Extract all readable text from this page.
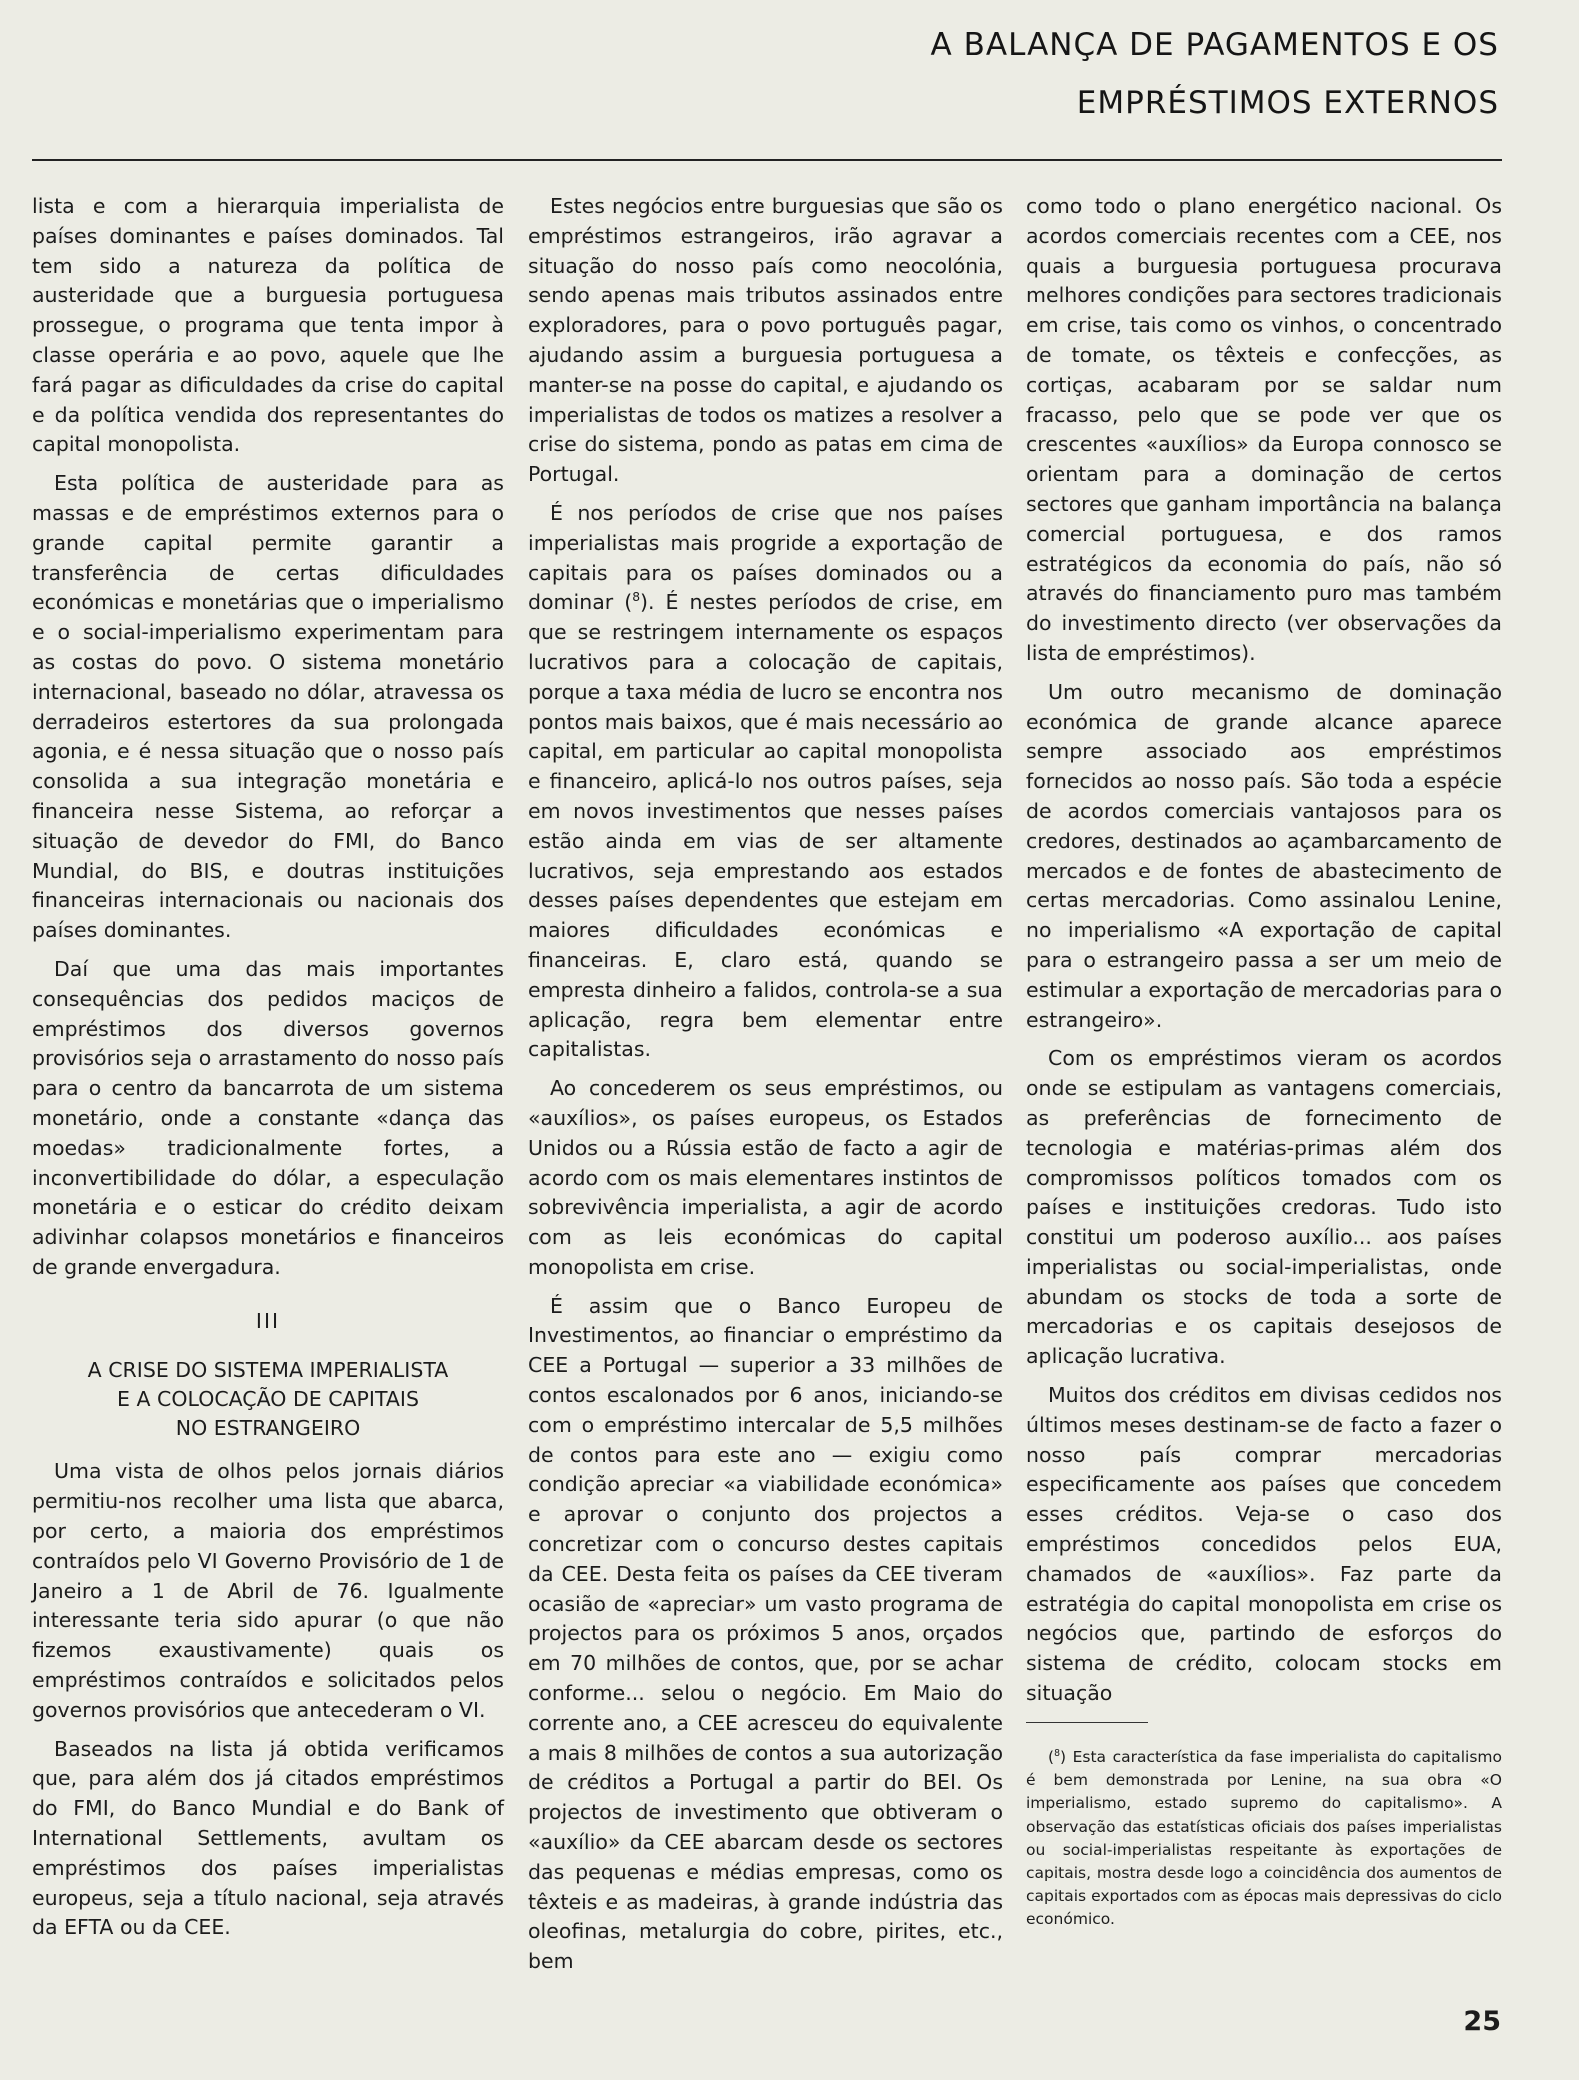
A BALANÇA DE PAGAMENTOS E OS
EMPRÉSTIMOS EXTERNOS

lista e com a hierarquia imperialista de países dominantes e países dominados. Tal tem sido a natureza da política de austeridade que a burguesia portuguesa prossegue, o programa que tenta impor à classe operária e ao povo, aquele que lhe fará pagar as dificuldades da crise do capital e da política vendida dos representantes do capital monopolista.

Esta política de austeridade para as massas e de empréstimos externos para o grande capital permite garantir a transferência de certas dificuldades económicas e monetárias que o imperialismo e o social-imperialismo experimentam para as costas do povo. O sistema monetário internacional, baseado no dólar, atravessa os derradeiros estertores da sua prolongada agonia, e é nessa situação que o nosso país consolida a sua integração monetária e financeira nesse Sistema, ao reforçar a situação de devedor do FMI, do Banco Mundial, do BIS, e doutras instituições financeiras internacionais ou nacionais dos países dominantes.

Daí que uma das mais importantes consequências dos pedidos maciços de empréstimos dos diversos governos provisórios seja o arrastamento do nosso país para o centro da bancarrota de um sistema monetário, onde a constante «dança das moedas» tradicionalmente fortes, a inconvertibilidade do dólar, a especulação monetária e o esticar do crédito deixam adivinhar colapsos monetários e financeiros de grande envergadura.

III
A CRISE DO SISTEMA IMPERIALISTA
E A COLOCAÇÃO DE CAPITAIS
NO ESTRANGEIRO

Uma vista de olhos pelos jornais diários permitiu-nos recolher uma lista que abarca, por certo, a maioria dos empréstimos contraídos pelo VI Governo Provisório de 1 de Janeiro a 1 de Abril de 76. Igualmente interessante teria sido apurar (o que não fizemos exaustivamente) quais os empréstimos contraídos e solicitados pelos governos provisórios que antecederam o VI.

Baseados na lista já obtida verificamos que, para além dos já citados empréstimos do FMI, do Banco Mundial e do Bank of International Settlements, avultam os empréstimos dos países imperialistas europeus, seja a título nacional, seja através da EFTA ou da CEE.

Estes negócios entre burguesias que são os empréstimos estrangeiros, irão agravar a situação do nosso país como neocolónia, sendo apenas mais tributos assinados entre exploradores, para o povo português pagar, ajudando assim a burguesia portuguesa a manter-se na posse do capital, e ajudando os imperialistas de todos os matizes a resolver a crise do sistema, pondo as patas em cima de Portugal.

É nos períodos de crise que nos países imperialistas mais progride a exportação de capitais para os países dominados ou a dominar ($^8$). É nestes períodos de crise, em que se restringem internamente os espaços lucrativos para a colocação de capitais, porque a taxa média de lucro se encontra nos pontos mais baixos, que é mais necessário ao capital, em particular ao capital monopolista e financeiro, aplicá-lo nos outros países, seja em novos investimentos que nesses países estão ainda em vias de ser altamente lucrativos, seja emprestando aos estados desses países dependentes que estejam em maiores dificuldades económicas e financeiras. E, claro está, quando se empresta dinheiro a falidos, controla-se a sua aplicação, regra bem elementar entre capitalistas.

Ao concederem os seus empréstimos, ou «auxílios», os países europeus, os Estados Unidos ou a Rússia estão de facto a agir de acordo com os mais elementares instintos de sobrevivência imperialista, a agir de acordo com as leis económicas do capital monopolista em crise.

É assim que o Banco Europeu de Investimentos, ao financiar o empréstimo da CEE a Portugal — superior a 33 milhões de contos escalonados por 6 anos, iniciando-se com o empréstimo intercalar de 5,5 milhões de contos para este ano — exigiu como condição apreciar «a viabilidade económica» e aprovar o conjunto dos projectos a concretizar com o concurso destes capitais da CEE. Desta feita os países da CEE tiveram ocasião de «apreciar» um vasto programa de projectos para os próximos 5 anos, orçados em 70 milhões de contos, que, por se achar conforme... selou o negócio. Em Maio do corrente ano, a CEE acresceu do equivalente a mais 8 milhões de contos a sua autorização de créditos a Portugal a partir do BEI. Os projectos de investimento que obtiveram o «auxílio» da CEE abarcam desde os sectores das pequenas e médias empresas, como os têxteis e as madeiras, à grande indústria das oleofinas, metalurgia do cobre, pirites, etc., bem

como todo o plano energético nacional. Os acordos comerciais recentes com a CEE, nos quais a burguesia portuguesa procurava melhores condições para sectores tradicionais em crise, tais como os vinhos, o concentrado de tomate, os têxteis e confecções, as cortiças, acabaram por se saldar num fracasso, pelo que se pode ver que os crescentes «auxílios» da Europa connosco se orientam para a dominação de certos sectores que ganham importância na balança comercial portuguesa, e dos ramos estratégicos da economia do país, não só através do financiamento puro mas também do investimento directo (ver observações da lista de empréstimos).

Um outro mecanismo de dominação económica de grande alcance aparece sempre associado aos empréstimos fornecidos ao nosso país. São toda a espécie de acordos comerciais vantajosos para os credores, destinados ao açambarcamento de mercados e de fontes de abastecimento de certas mercadorias. Como assinalou Lenine, no imperialismo «A exportação de capital para o estrangeiro passa a ser um meio de estimular a exportação de mercadorias para o estrangeiro».

Com os empréstimos vieram os acordos onde se estipulam as vantagens comerciais, as preferências de fornecimento de tecnologia e matérias-primas além dos compromissos políticos tomados com os países e instituições credoras. Tudo isto constitui um poderoso auxílio... aos países imperialistas ou social-imperialistas, onde abundam os stocks de toda a sorte de mercadorias e os capitais desejosos de aplicação lucrativa.

Muitos dos créditos em divisas cedidos nos últimos meses destinam-se de facto a fazer o nosso país comprar mercadorias especificamente aos países que concedem esses créditos. Veja-se o caso dos empréstimos concedidos pelos EUA, chamados de «auxílios». Faz parte da estratégia do capital monopolista em crise os negócios que, partindo de esforços do sistema de crédito, colocam stocks em situação

($^8$) Esta característica da fase imperialista do capitalismo é bem demonstrada por Lenine, na sua obra «O imperialismo, estado supremo do capitalismo». A observação das estatísticas oficiais dos países imperialistas ou social-imperialistas respeitante às exportações de capitais, mostra desde logo a coincidência dos aumentos de capitais exportados com as épocas mais depressivas do ciclo económico.
25
